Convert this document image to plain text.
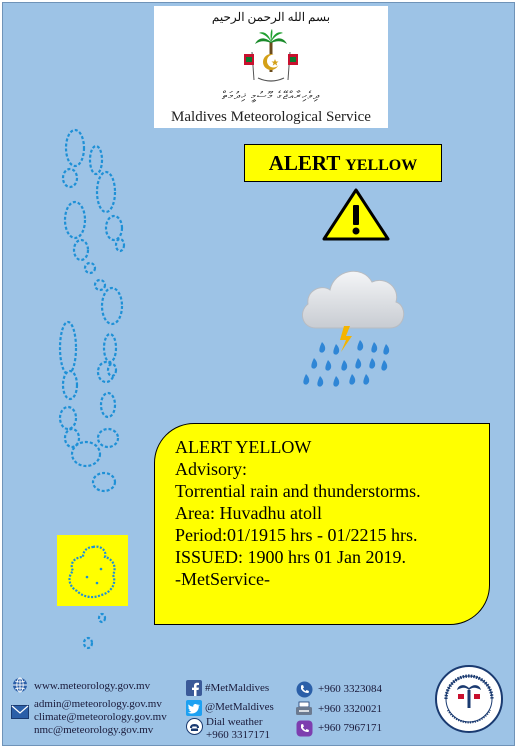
بسم الله الرحمن الرحيم
ދިވެހިރާއްޖޭގެ މޫސުމީ ޚިދުމަތް
Maldives Meteorological Service
ALERT YELLOW
ALERT YELLOW
Advisory:
Torrential rain and thunderstorms.
Area: Huvadhu atoll
Period:01/1915 hrs - 01/2215 hrs.
ISSUED: 1900 hrs 01 Jan 2019.
-MetService-
www.meteorology.gov.mv
admin@meteorology.gov.mv
climate@meteorology.gov.mv
nmc@meteorology.gov.mv
#MetMaldives
@MetMaldives
Dial weather
+960 3317171
+960 3323084
+960 3320021
+960 7967171
